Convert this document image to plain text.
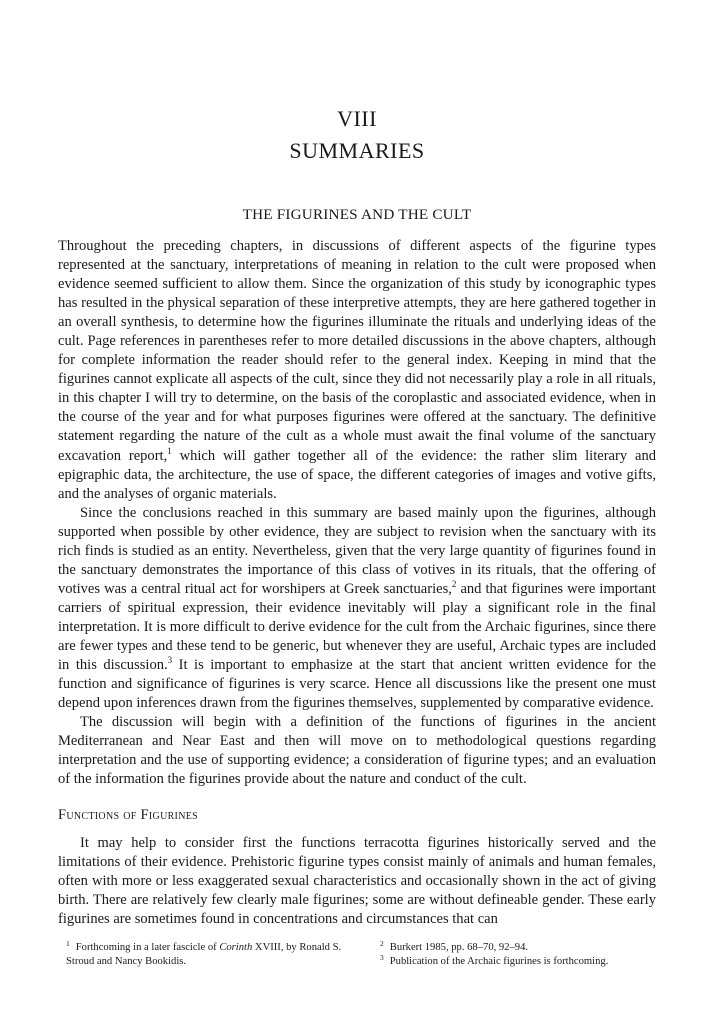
VIII
SUMMARIES
THE FIGURINES AND THE CULT

Throughout the preceding chapters, in discussions of different aspects of the figurine types represented at the sanctuary, interpretations of meaning in relation to the cult were proposed when evidence seemed sufficient to allow them. Since the organization of this study by iconographic types has resulted in the physical separation of these interpretive attempts, they are here gathered together in an overall synthesis, to determine how the figurines illuminate the rituals and underlying ideas of the cult. Page references in parentheses refer to more detailed discussions in the above chapters, although for complete information the reader should refer to the general index. Keeping in mind that the figurines cannot explicate all aspects of the cult, since they did not necessarily play a role in all rituals, in this chapter I will try to determine, on the basis of the coroplastic and associated evidence, when in the course of the year and for what purposes figurines were offered at the sanctuary. The definitive statement regarding the nature of the cult as a whole must await the final volume of the sanctuary excavation report,$^1$ which will gather together all of the evidence: the rather slim literary and epigraphic data, the architecture, the use of space, the different categories of images and votive gifts, and the analyses of organic materials.

Since the conclusions reached in this summary are based mainly upon the figurines, although supported when possible by other evidence, they are subject to revision when the sanctuary with its rich finds is studied as an entity. Nevertheless, given that the very large quantity of figurines found in the sanctuary demonstrates the importance of this class of votives in its rituals, that the offering of votives was a central ritual act for worshipers at Greek sanctuaries,$^2$ and that figurines were important carriers of spiritual expression, their evidence inevitably will play a significant role in the final interpretation. It is more difficult to derive evidence for the cult from the Archaic figurines, since there are fewer types and these tend to be generic, but whenever they are useful, Archaic types are included in this discussion.$^3$ It is important to emphasize at the start that ancient written evidence for the function and significance of figurines is very scarce. Hence all discussions like the present one must depend upon inferences drawn from the figurines themselves, supplemented by comparative evidence.

The discussion will begin with a definition of the functions of figurines in the ancient Mediterranean and Near East and then will move on to methodological questions regarding interpretation and the use of supporting evidence; a consideration of figurine types; and an evaluation of the information the figurines provide about the nature and conduct of the cult.

Functions of Figurines

It may help to consider first the functions terracotta figurines historically served and the limitations of their evidence. Prehistoric figurine types consist mainly of animals and human females, often with more or less exaggerated sexual characteristics and occasionally shown in the act of giving birth. There are relatively few clearly male figurines; some are without defineable gender. These early figurines are sometimes found in concentrations and circumstances that can

$^1$ Forthcoming in a later fascicle of Corinth XVIII, by Ronald S. Stroud and Nancy Bookidis.

$^2$ Burkert 1985, pp. 68–70, 92–94.

$^3$ Publication of the Archaic figurines is forthcoming.
